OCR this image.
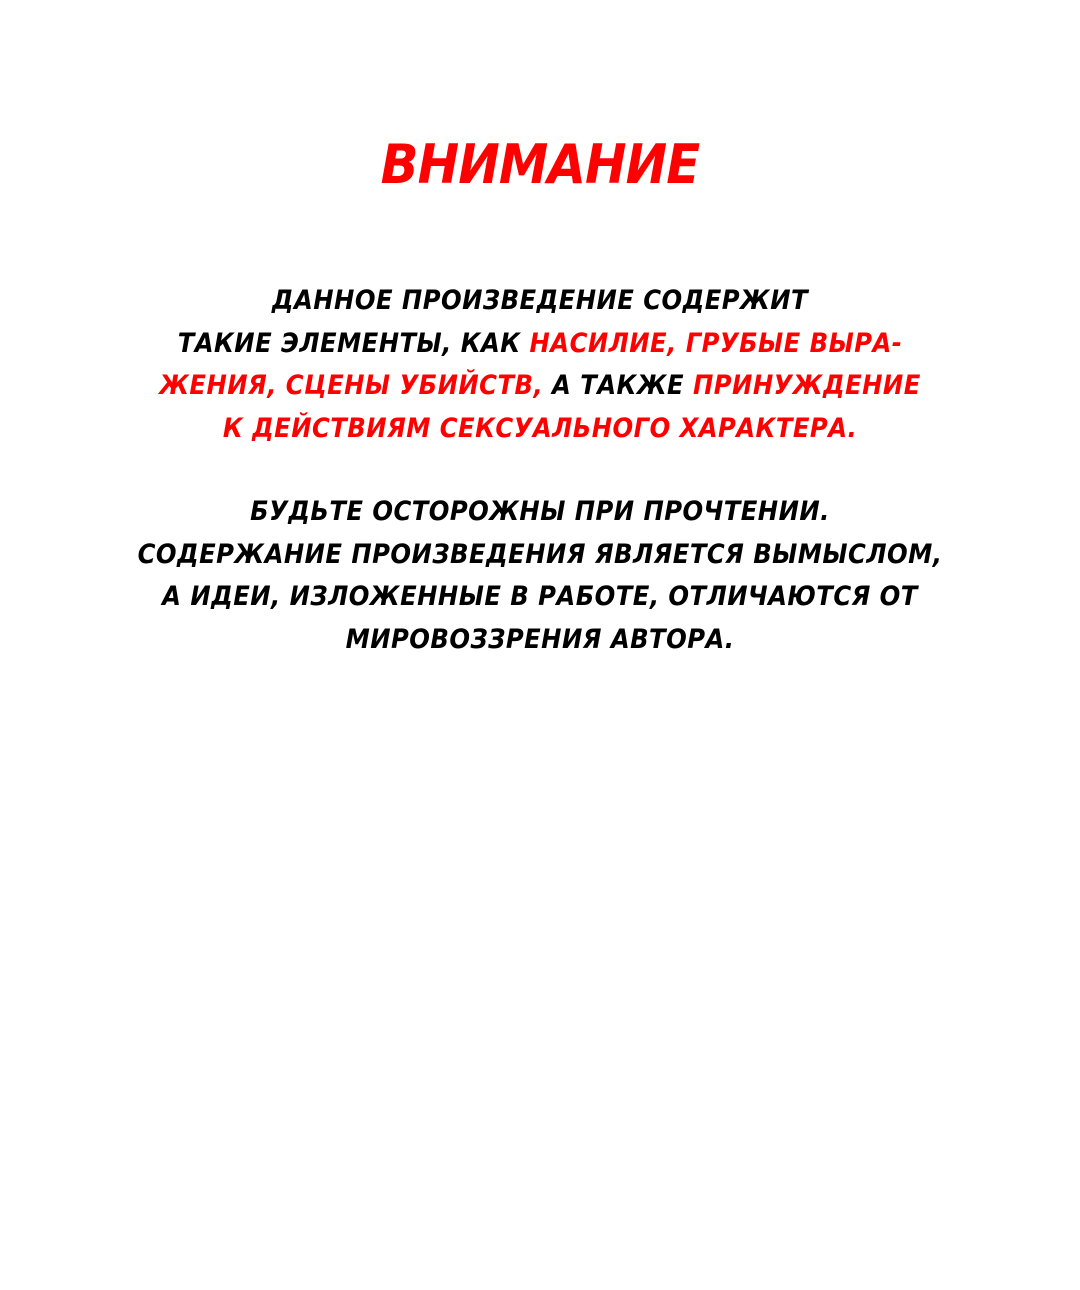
ВНИМАНИЕ
ДАННОЕ ПРОИЗВЕДЕНИЕ СОДЕРЖИТ
ТАКИЕ ЭЛЕМЕНТЫ, КАК НАСИЛИЕ, ГРУБЫЕ ВЫРА-
ЖЕНИЯ, СЦЕНЫ УБИЙСТВ, А ТАКЖЕ ПРИНУЖДЕНИЕ
К ДЕЙСТВИЯМ СЕКСУАЛЬНОГО ХАРАКТЕРА.
БУДЬТЕ ОСТОРОЖНЫ ПРИ ПРОЧТЕНИИ.
СОДЕРЖАНИЕ ПРОИЗВЕДЕНИЯ ЯВЛЯЕТСЯ ВЫМЫСЛОМ,
А ИДЕИ, ИЗЛОЖЕННЫЕ В РАБОТЕ, ОТЛИЧАЮТСЯ ОТ
МИРОВОЗЗРЕНИЯ АВТОРА.
